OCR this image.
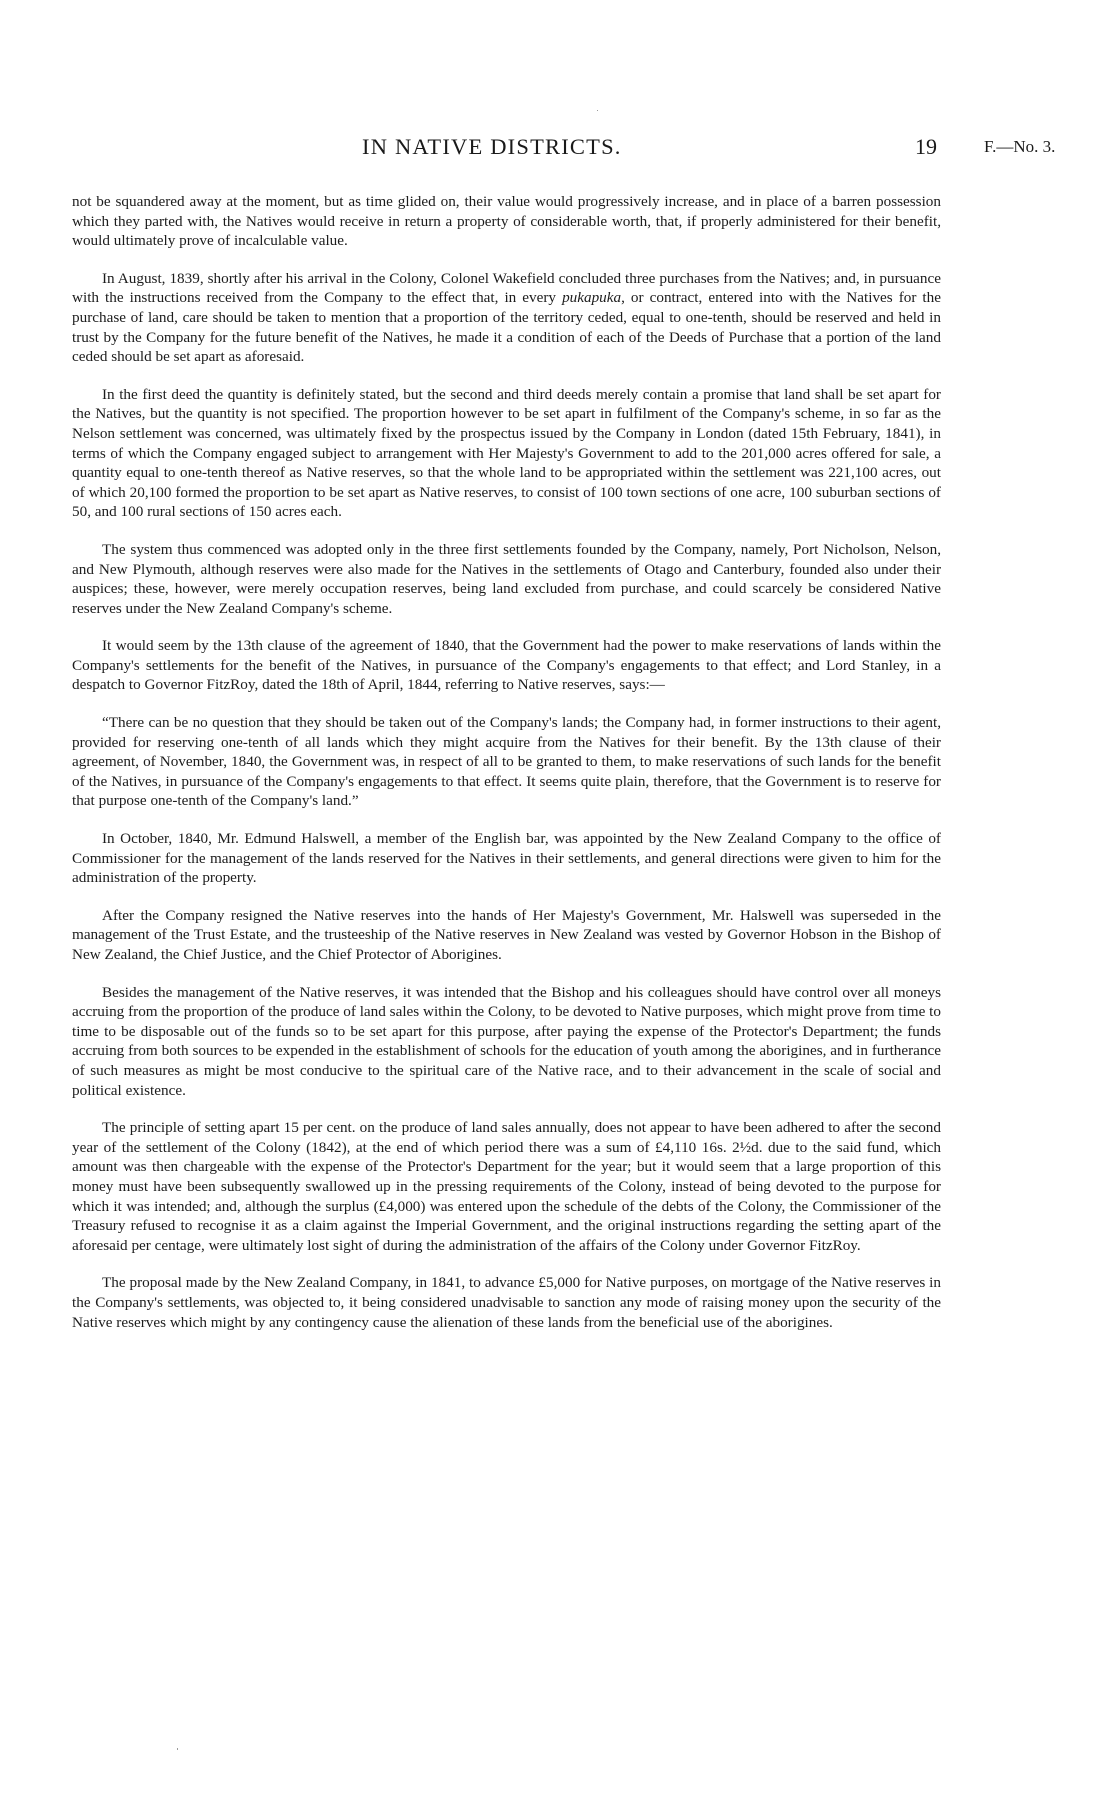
IN NATIVE DISTRICTS.	19	F.—No. 3.

not be squandered away at the moment, but as time glided on, their value would progressively increase, and in place of a barren possession which they parted with, the Natives would receive in return a property of considerable worth, that, if properly administered for their benefit, would ultimately prove of incalculable value.

In August, 1839, shortly after his arrival in the Colony, Colonel Wakefield concluded three purchases from the Natives; and, in pursuance with the instructions received from the Company to the effect that, in every pukapuka, or contract, entered into with the Natives for the purchase of land, care should be taken to mention that a proportion of the territory ceded, equal to one-tenth, should be reserved and held in trust by the Company for the future benefit of the Natives, he made it a condition of each of the Deeds of Purchase that a portion of the land ceded should be set apart as aforesaid.

In the first deed the quantity is definitely stated, but the second and third deeds merely contain a promise that land shall be set apart for the Natives, but the quantity is not specified. The proportion however to be set apart in fulfilment of the Company's scheme, in so far as the Nelson settlement was concerned, was ultimately fixed by the prospectus issued by the Company in London (dated 15th February, 1841), in terms of which the Company engaged subject to arrangement with Her Majesty's Government to add to the 201,000 acres offered for sale, a quantity equal to one-tenth thereof as Native reserves, so that the whole land to be appropriated within the settlement was 221,100 acres, out of which 20,100 formed the proportion to be set apart as Native reserves, to consist of 100 town sections of one acre, 100 suburban sections of 50, and 100 rural sections of 150 acres each.

The system thus commenced was adopted only in the three first settlements founded by the Company, namely, Port Nicholson, Nelson, and New Plymouth, although reserves were also made for the Natives in the settlements of Otago and Canterbury, founded also under their auspices; these, however, were merely occupation reserves, being land excluded from purchase, and could scarcely be considered Native reserves under the New Zealand Company's scheme.

It would seem by the 13th clause of the agreement of 1840, that the Government had the power to make reservations of lands within the Company's settlements for the benefit of the Natives, in pursuance of the Company's engagements to that effect; and Lord Stanley, in a despatch to Governor FitzRoy, dated the 18th of April, 1844, referring to Native reserves, says:—

“There can be no question that they should be taken out of the Company's lands; the Company had, in former instructions to their agent, provided for reserving one-tenth of all lands which they might acquire from the Natives for their benefit. By the 13th clause of their agreement, of November, 1840, the Government was, in respect of all to be granted to them, to make reservations of such lands for the benefit of the Natives, in pursuance of the Company's engagements to that effect. It seems quite plain, therefore, that the Government is to reserve for that purpose one-tenth of the Company's land.”

In October, 1840, Mr. Edmund Halswell, a member of the English bar, was appointed by the New Zealand Company to the office of Commissioner for the management of the lands reserved for the Natives in their settlements, and general directions were given to him for the administration of the property.

After the Company resigned the Native reserves into the hands of Her Majesty's Government, Mr. Halswell was superseded in the management of the Trust Estate, and the trusteeship of the Native reserves in New Zealand was vested by Governor Hobson in the Bishop of New Zealand, the Chief Justice, and the Chief Protector of Aborigines.

Besides the management of the Native reserves, it was intended that the Bishop and his colleagues should have control over all moneys accruing from the proportion of the produce of land sales within the Colony, to be devoted to Native purposes, which might prove from time to time to be disposable out of the funds so to be set apart for this purpose, after paying the expense of the Protector's Department; the funds accruing from both sources to be expended in the establishment of schools for the education of youth among the aborigines, and in furtherance of such measures as might be most conducive to the spiritual care of the Native race, and to their advancement in the scale of social and political existence.

The principle of setting apart 15 per cent. on the produce of land sales annually, does not appear to have been adhered to after the second year of the settlement of the Colony (1842), at the end of which period there was a sum of £4,110 16s. 2½d. due to the said fund, which amount was then chargeable with the expense of the Protector's Department for the year; but it would seem that a large proportion of this money must have been subsequently swallowed up in the pressing requirements of the Colony, instead of being devoted to the purpose for which it was intended; and, although the surplus (£4,000) was entered upon the schedule of the debts of the Colony, the Commissioner of the Treasury refused to recognise it as a claim against the Imperial Government, and the original instructions regarding the setting apart of the aforesaid per centage, were ultimately lost sight of during the administration of the affairs of the Colony under Governor FitzRoy.

The proposal made by the New Zealand Company, in 1841, to advance £5,000 for Native purposes, on mortgage of the Native reserves in the Company's settlements, was objected to, it being considered unadvisable to sanction any mode of raising money upon the security of the Native reserves which might by any contingency cause the alienation of these lands from the beneficial use of the aborigines.
